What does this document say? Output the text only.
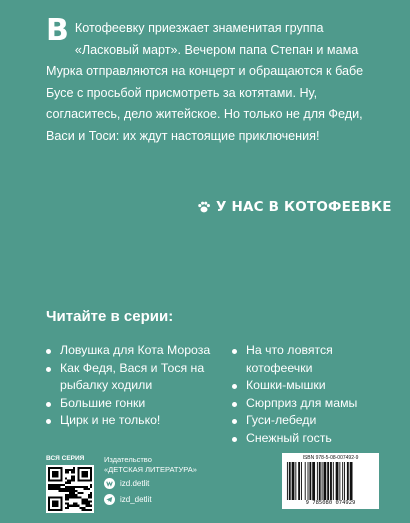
В Котофеевку приезжает знаменитая группа «Ласковый март». Вечером папа Степан и мама Мурка отправляются на концерт и обращаются к бабе Бусе с просьбой присмотреть за котятами. Ну, согласитесь, дело житейское. Но только не для Феди, Васи и Тоси: их ждут настоящие приключения!
У НАС В КОТОФЕЕВКЕ
Читайте в серии:
Ловушка для Кота Мороза
Как Федя, Вася и Тося на рыбалку ходили
Большие гонки
Цирк и не только!
На что ловятся котофеечки
Кошки-мышки
Сюрприз для мамы
Гуси-лебеди
Снежный гость
ВСЯ СЕРИЯ	Издательство
«ДЕТСКАЯ ЛИТЕРАТУРА»
izd.detlit
izd_detlit
ISBN 978-5-08-007492-9
9 785080 074929
